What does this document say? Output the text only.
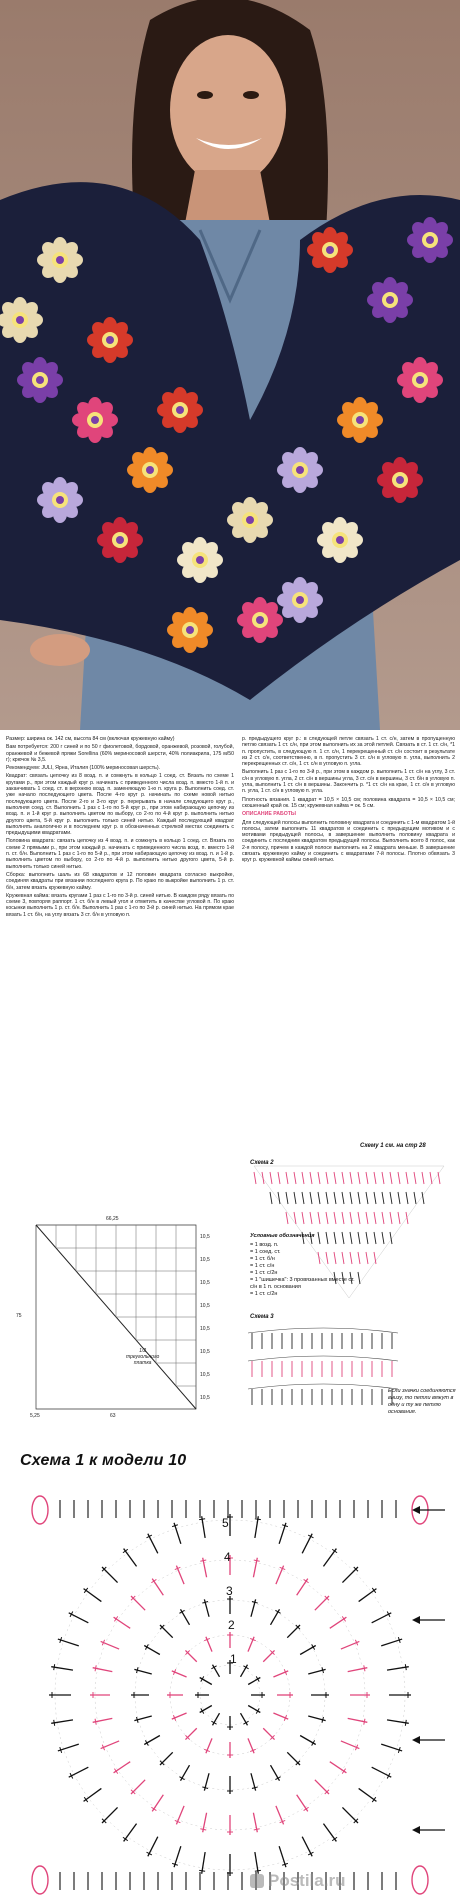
Размер: ширина ок. 142 см, высота 84 см (включая кружевную кайму)

Вам потребуется: 200 г синей и по 50 г фиолетовой, бордовой, оранжевой, розовой, голубой, оранжевой и бежевой пряжи Sorellina (60% мериносовой шерсти, 40% полиакрила, 175 м/50 г); крючок № 3,5.

Рекомендуем: JULI, Ярна, Италия (100% мериносовая шерсть).

Квадрат: связать цепочку из 8 возд. п. и сомкнуть в кольцо 1 соед. ст. Вязать по схеме 1 кругами р., при этом каждый круг р. начинать с приведенного числа возд. п. вместо 1-й п. и заканчивать 1 соед. ст. в верхнюю возд. п. заменяющую 1-ю п. круга р. Выполнить соед. ст. уже начало последующего цвета. После 4-го круг р. начинать по схеме новой нитью последующего цвета. После 2-го и 3-го круг р. перерывать в начале следующего круг р., выполняя соед. ст. Выполнить 1 раз с 1-го по 5-й круг р., при этом набирающую цепочку из возд. п. и 1-й круг р. выполнить цветом по выбору, со 2-го по 4-й круг р. выполнить нитью другого цвета, 5-й круг р. выполнить только синей нитью. Каждый последующий квадрат выполнять аналогично и в последнем круг р. в обозначенных стрелкой местах соединить с предыдущими квадратами.

Половина квадрата: связать цепочку из 4 возд. п. и сомкнуть в кольцо 1 соед. ст. Вязать по схеме 2 прямыми р., при этом каждый р. начинать с приведенного числа возд. п. вместо 1-й п. ст. б/н. Выполнить 1 раз с 1-го по 5-й р., при этом набирающую цепочку из возд. п. и 1-й р. выполнить цветом по выбору, со 2-го по 4-й р. выполнить нитью другого цвета, 5-й р. выполнить только синей нитью.

Сборка: выполнить шаль из 68 квадратов и 12 половин квадрата согласно выкройке, соединяя квадраты при вязании последнего круга р. По краю по выкройке выполнить 1 р. ст. б/н, затем вязать кружевную кайму.

Кружевная кайма: вязать кругами 1 раз с 1-го по 3-й р. синей нитью. В каждом ряду вязать по схеме 3, повторяя раппорт. 1 ст. б/н в левый угол и отметить в качестве угловой п. По краю косынки выполнить 1 р. ст. б/н. Выполнить 1 раз с 1-го по 3-й р. синей нитью. На прямом крае вязать 1 ст. б/н, на углу вязать 3 ст. б/н в угловую п.

р. предыдущего круг р.: в следующей петле связать 1 ст. с/н, затем в пропущенную петлю связать 1 ст. с/н, при этом выполнить их за этой петлей. Связать в ст. 1 ст. с/н, *1 п. пропустить, в следующую п. 1 ст. с/н, 1 перекрещенный ст. с/н состоит в результате из 2 ст. с/н, соответственно, в п. пропустить 3 ст. с/н в угловую п. угла, выполнить 2 перекрещенных ст. с/н, 1 ст. с/н в угловую п. угла.

Выполнить 1 раз с 1-го по 3-й р., при этом в каждом р. выполнить 1 ст. с/н на углу, 3 ст. с/н в угловую п. угла, 2 ст. с/н в вершины угла, 3 ст. с/н в вершины, 3 ст. б/н в угловую п. угла, выполнить 1 ст. с/н в вершины. Закончить р. *1 ст. с/н на крае, 1 ст. с/н в угловую п. угла, 1 ст. с/н в угловую п. угла.

Плотность вязания. 1 квадрат = 10,5 × 10,5 см; половина квадрата = 10,5 × 10,5 см; скошенный край ок. 15 см; кружевная кайма = ок. 5 см.

ОПИСАНИЕ РАБОТЫ

Для следующей полосы выполнить половину квадрата и соединить с 1-м квадратом 1-й полосы, затем выполнить 11 квадратов и соединить с предыдущим мотивом и с мотивами предыдущей полосы, в завершение выполнить половину квадрата и соединить с последним квадратом предыдущей полосы. Выполнить всего 8 полос, как 2-я полосу, причем в каждой полосе выполнить на 2 квадрата меньше. В завершение связать кружевную кайму и соединить с квадратами 7-й полосы. Плотно обвязать 3 круг р. кружевной каймы синей нитью.

Схему 1 см. на стр 28
66,25
75
5,25	63
1/2
треугольного
платка
10,5
10,5
10,5
10,5
10,5
10,5
10,5
10,5
Схема 2
Условные обозначения
= 1 возд. п.
= 1 соед. ст.
= 1 ст. б/н
= 1 ст. с/н
= 1 ст. с/2н
= 1 "шишечка": 3 провязанных вместе ст. с/н в 1 п. основания
= 1 ст. с/2н
Схема 3
Если значки соединяются внизу, то петли вяжут в одну и ту же петлю основания.
Схема 1 к модели 10
5
4
3
2
1
Postila.ru
